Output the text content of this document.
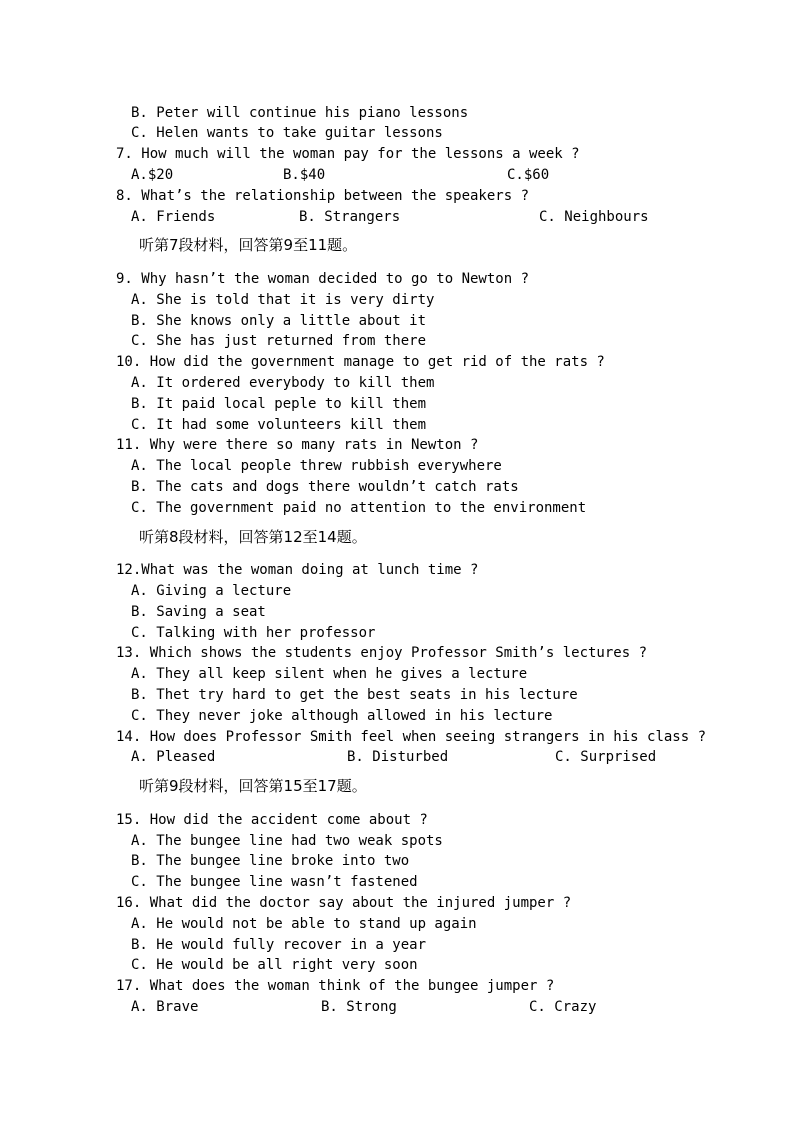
B. Peter will continue his piano lessons
C. Helen wants to take guitar lessons
7. How much will the woman pay for the lessons a week ?

A.$20

	B.$40

	C.$60

8. What’s the relationship between the speakers ?

A. Friends

	B. Strangers

	C. Neighbours

听第7段材料，回答第9至11题。
9. Why hasn’t the woman decided to go to Newton ?
A. She is told that it is very dirty
B. She knows only a little about it
C. She has just returned from there
10. How did the government manage to get rid of the rats ?
A. It ordered everybody to kill them
B. It paid local peple to kill them
C. It had some volunteers kill them
11. Why were there so many rats in Newton ?
A. The local people threw rubbish everywhere
B. The cats and dogs there wouldn’t catch rats
C. The government paid no attention to the environment
听第8段材料，回答第12至14题。
12.What was the woman doing at lunch time ?
A. Giving a lecture
B. Saving a seat
C. Talking with her professor
13. Which shows the students enjoy Professor Smith’s lectures ?
A. They all keep silent when he gives a lecture
B. Thet try hard to get the best seats in his lecture
C. They never joke although allowed in his lecture
14. How does Professor Smith feel when seeing strangers in his class ?

A. Pleased

	B. Disturbed

	C. Surprised

听第9段材料，回答第15至17题。
15. How did the accident come about ?
A. The bungee line had two weak spots
B. The bungee line broke into two
C. The bungee line wasn’t fastened
16. What did the doctor say about the injured jumper ?
A. He would not be able to stand up again
B. He would fully recover in a year
C. He would be all right very soon
17. What does the woman think of the bungee jumper ?

A. Brave

	B. Strong

	C. Crazy
